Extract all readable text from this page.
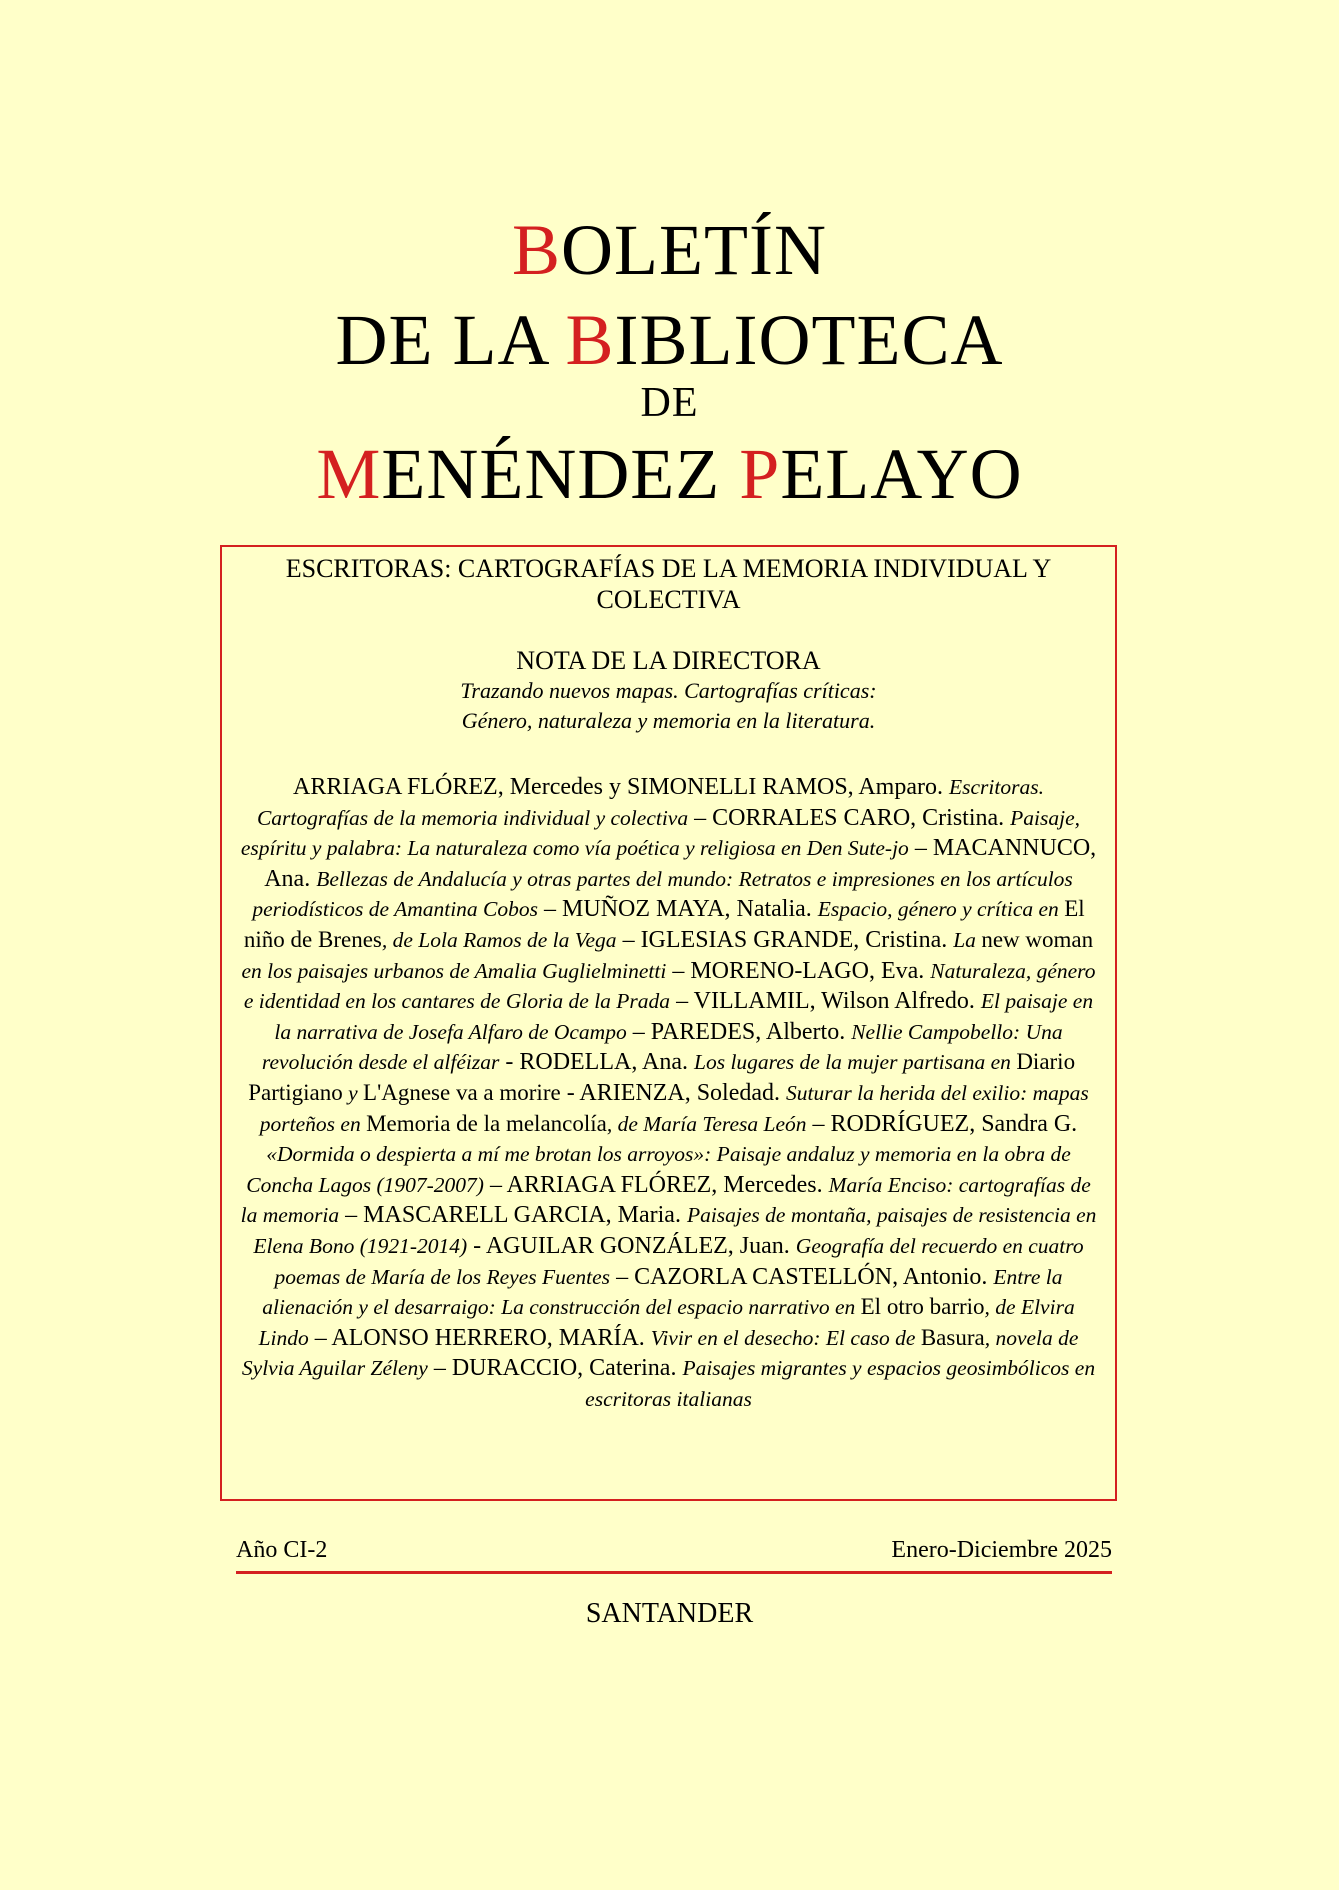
BOLETÍN
DE LA BIBLIOTECA
DE
MENÉNDEZ PELAYO
ESCRITORAS: CARTOGRAFÍAS DE LA MEMORIA INDIVIDUAL Y COLECTIVA
NOTA DE LA DIRECTORA
Trazando nuevos mapas. Cartografías críticas:
Género, naturaleza y memoria en la literatura.
ARRIAGA FLÓREZ, Mercedes y SIMONELLI RAMOS, Amparo. Escritoras. Cartografías de la memoria individual y colectiva – CORRALES CARO, Cristina. Paisaje, espíritu y palabra: La naturaleza como vía poética y religiosa en Den Sute-jo – MACANNUCO, Ana. Bellezas de Andalucía y otras partes del mundo: Retratos e impresiones en los artículos periodísticos de Amantina Cobos – MUÑOZ MAYA, Natalia. Espacio, género y crítica en El niño de Brenes, de Lola Ramos de la Vega – IGLESIAS GRANDE, Cristina. La new woman en los paisajes urbanos de Amalia Guglielminetti – MORENO-LAGO, Eva. Naturaleza, género e identidad en los cantares de Gloria de la Prada – VILLAMIL, Wilson Alfredo. El paisaje en la narrativa de Josefa Alfaro de Ocampo – PAREDES, Alberto. Nellie Campobello: Una revolución desde el alféizar - RODELLA, Ana. Los lugares de la mujer partisana en Diario Partigiano y L'Agnese va a morire - ARIENZA, Soledad. Suturar la herida del exilio: mapas porteños en Memoria de la melancolía, de María Teresa León – RODRÍGUEZ, Sandra G. «Dormida o despierta a mí me brotan los arroyos»: Paisaje andaluz y memoria en la obra de Concha Lagos (1907-2007) – ARRIAGA FLÓREZ, Mercedes. María Enciso: cartografías de la memoria – MASCARELL GARCIA, Maria. Paisajes de montaña, paisajes de resistencia en Elena Bono (1921-2014) - AGUILAR GONZÁLEZ, Juan. Geografía del recuerdo en cuatro poemas de María de los Reyes Fuentes – CAZORLA CASTELLÓN, Antonio. Entre la alienación y el desarraigo: La construcción del espacio narrativo en El otro barrio, de Elvira Lindo – ALONSO HERRERO, MARÍA. Vivir en el desecho: El caso de Basura, novela de Sylvia Aguilar Zéleny – DURACCIO, Caterina. Paisajes migrantes y espacios geosimbólicos en escritoras italianas
Año CI-2	Enero-Diciembre 2025
SANTANDER
